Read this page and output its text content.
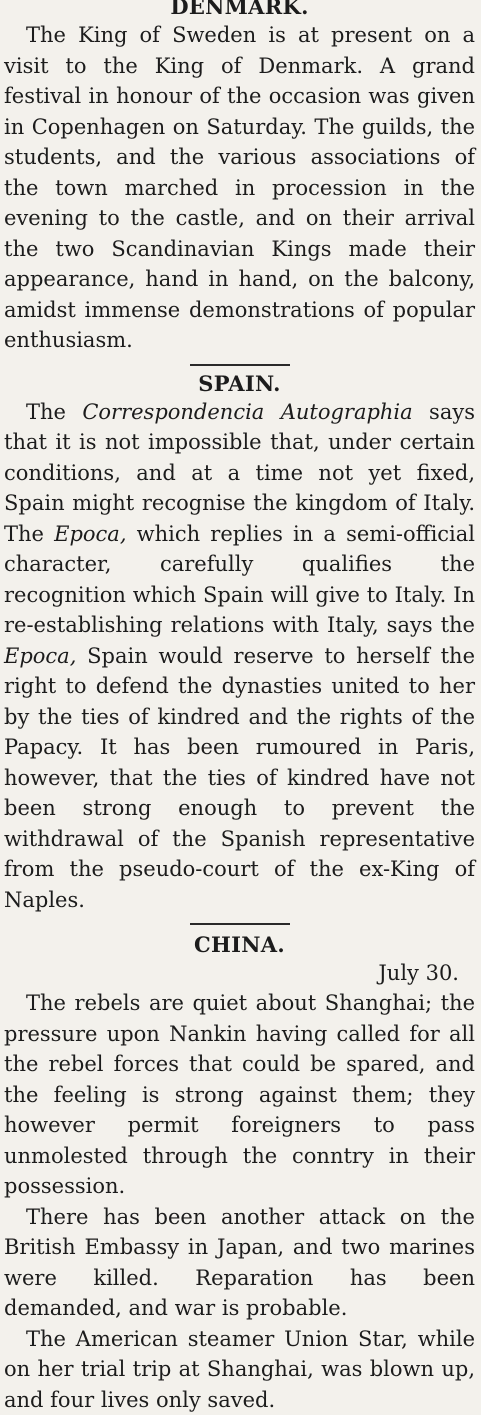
DENMARK.

The King of Sweden is at present on a visit to the King of Denmark. A grand festival in honour of the occasion was given in Copenhagen on Saturday. The guilds, the students, and the various associations of the town marched in procession in the evening to the castle, and on their arrival the two Scandinavian Kings made their appearance, hand in hand, on the balcony, amidst immense demonstrations of popular enthusiasm.

SPAIN.

The Correspondencia Autographia says that it is not impossible that, under certain conditions, and at a time not yet fixed, Spain might recognise the kingdom of Italy. The Epoca, which replies in a semi-official character, carefully qualifies the recognition which Spain will give to Italy. In re-establishing relations with Italy, says the Epoca, Spain would reserve to herself the right to defend the dynasties united to her by the ties of kindred and the rights of the Papacy. It has been rumoured in Paris, however, that the ties of kindred have not been strong enough to prevent the withdrawal of the Spanish representative from the pseudo-court of the ex-King of Naples.

CHINA.

July 30.

The rebels are quiet about Shanghai; the pressure upon Nankin having called for all the rebel forces that could be spared, and the feeling is strong against them; they however permit foreigners to pass unmolested through the conntry in their possession.

There has been another attack on the British Embassy in Japan, and two marines were killed. Reparation has been demanded, and war is probable.

The American steamer Union Star, while on her trial trip at Shanghai, was blown up, and four lives only saved.
